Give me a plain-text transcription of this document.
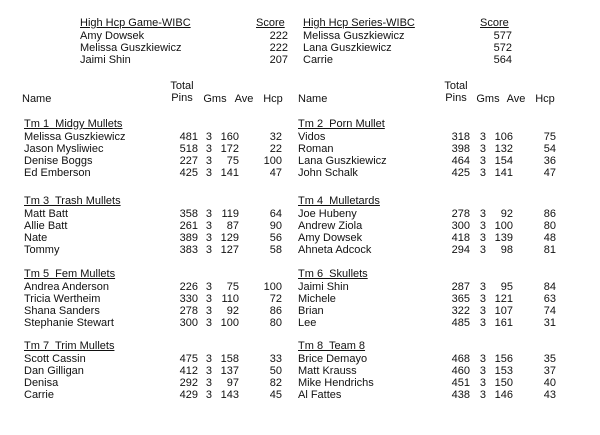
High Hcp Game-WIBC	Score
Amy Dowsek	222
Melissa Guszkiewicz	222
Jaimi Shin	207
High Hcp Series-WIBC	Score
Melissa Guszkiewicz	577
Lana Guszkiewicz	572
Carrie	564
Name
Total
Pins Gms Ave Hcp	Name
Total
Pins Gms Ave Hcp
Tm 1  Midgy Mullets
Melissa Guszkiewicz	481 3 160	32
Jason Mysliwiec	518 3 172	22
Denise Boggs	227 3	75	100
Ed Emberson	425 3 141	47
Tm 2  Porn Mullet
Vidos	318 3 106	75
Roman	398 3 132	54
Lana Guszkiewicz	464 3 154	36
John Schalk	425 3 141	47
Tm 3  Trash Mullets
Matt Batt	358 3 119	64
Allie Batt	261 3	87	90
Nate	389 3 129	56
Tommy	383 3 127	58
Tm 4  Mulletards
Joe Hubeny	278 3	92	86
Andrew Ziola	300 3 100	80
Amy Dowsek	418 3 139	48
Ahneta Adcock	294 3	98	81
Tm 5  Fem Mullets
Andrea Anderson	226 3	75	100
Tricia Wertheim	330 3 110	72
Shana Sanders	278 3	92	86
Stephanie Stewart	300 3 100	80
Tm 6  Skullets
Jaimi Shin	287 3	95	84
Michele	365 3 121	63
Brian	322 3 107	74
Lee	485 3 161	31
Tm 7  Trim Mullets
Scott Cassin	475 3 158	33
Dan Gilligan	412 3 137	50
Denisa	292 3	97	82
Carrie	429 3 143	45
Tm 8  Team 8
Brice Demayo	468 3 156	35
Matt Krauss	460 3 153	37
Mike Hendrichs	451 3 150	40
Al Fattes	438 3 146	43
